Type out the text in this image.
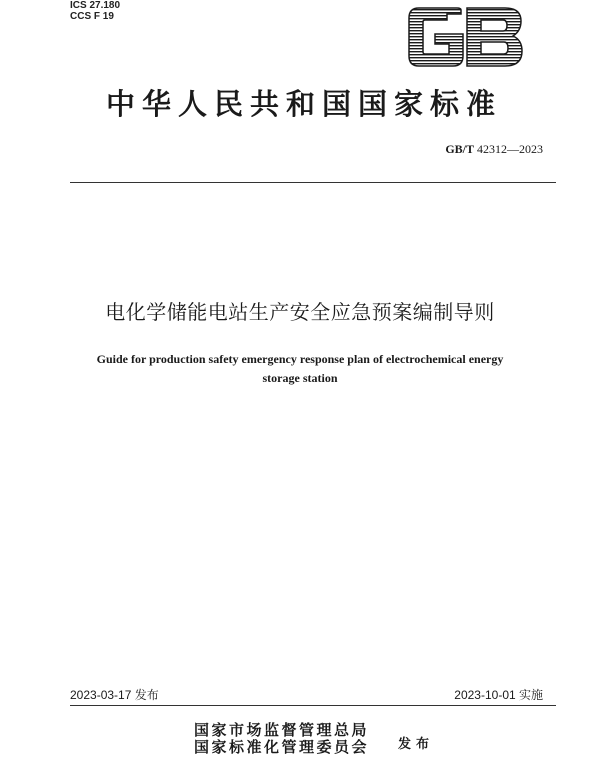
ICS 27.180
CCS F 19
中华人民共和国国家标准
GB/T 42312—2023
电化学储能电站生产安全应急预案编制导则
Guide for production safety emergency response plan of electrochemical energy
storage station
2023-03-17 发布	2023-10-01 实施
国家市场监督管理总局
国家标准化管理委员会 发布
